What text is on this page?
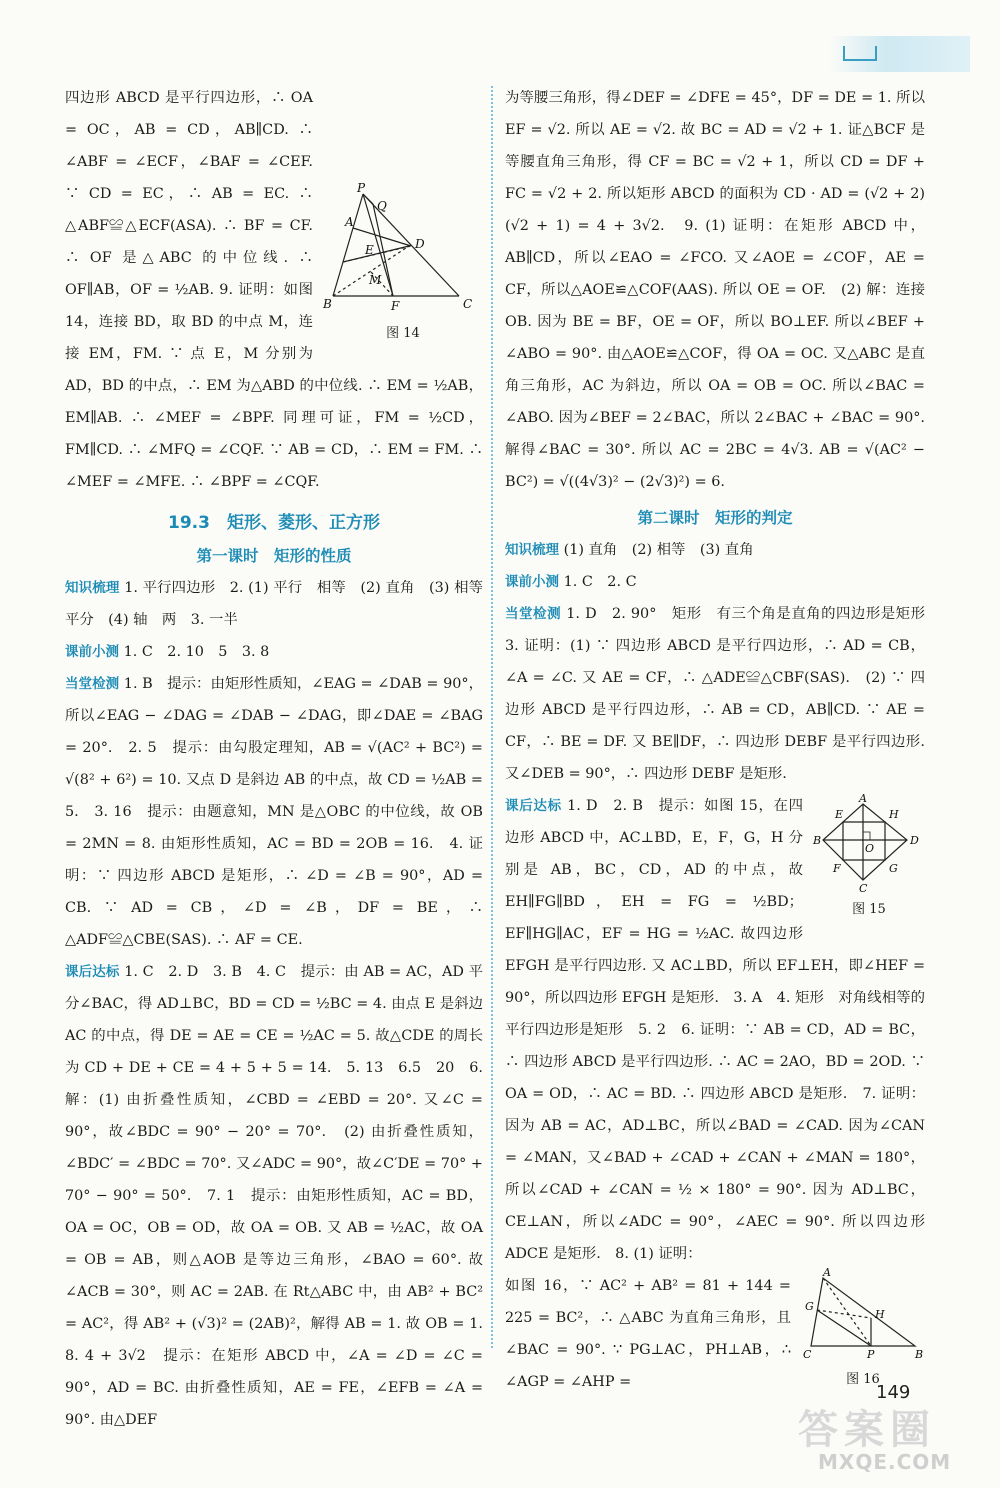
P
Q
A
D
E
M
B	F	C
图 14

四边形 ABCD 是平行四边形，∴ OA = OC，AB = CD，AB∥CD. ∴ ∠ABF = ∠ECF，∠BAF = ∠CEF. ∵ CD = EC，∴ AB = EC. ∴ △ABF≌△ECF(ASA). ∴ BF = CF. ∴ OF 是△ABC 的中位线. ∴ OF∥AB，OF = ½AB. 9. 证明：如图 14，连接 BD，取 BD 的中点 M，连接 EM，FM. ∵ 点 E，M 分别为 AD，BD 的中点，∴ EM 为△ABD 的中位线. ∴ EM = ½AB，EM∥AB. ∴ ∠MEF = ∠BPF. 同理可证，FM = ½CD，FM∥CD. ∴ ∠MFQ = ∠CQF. ∵ AB = CD，∴ EM = FM. ∴ ∠MEF = ∠MFE. ∴ ∠BPF = ∠CQF.

19.3　矩形、菱形、正方形

第一课时　矩形的性质

知识梳理 1. 平行四边形　2. (1) 平行　相等　(2) 直角　(3) 相等　平分　(4) 轴　两　3. 一半

课前小测 1. C　2. 10　5　3. 8

当堂检测 1. B　提示：由矩形性质知，∠EAG = ∠DAB = 90°，所以∠EAG − ∠DAG = ∠DAB − ∠DAG，即∠DAE = ∠BAG = 20°.　2. 5　提示：由勾股定理知，AB = √(AC² + BC²) = √(8² + 6²) = 10. 又点 D 是斜边 AB 的中点，故 CD = ½AB = 5.　3. 16　提示：由题意知，MN 是△OBC 的中位线，故 OB = 2MN = 8. 由矩形性质知，AC = BD = 2OB = 16.　4. 证明：∵ 四边形 ABCD 是矩形，∴ ∠D = ∠B = 90°，AD = CB. ∵ AD = CB，∠D = ∠B，DF = BE，∴ △ADF≌△CBE(SAS). ∴ AF = CE.

课后达标 1. C　2. D　3. B　4. C　提示：由 AB = AC，AD 平分∠BAC，得 AD⊥BC，BD = CD = ½BC = 4. 由点 E 是斜边 AC 的中点，得 DE = AE = CE = ½AC = 5. 故△CDE 的周长为 CD + DE + CE = 4 + 5 + 5 = 14.　5. 13　6.5　20　6. 解：(1) 由折叠性质知，∠CBD = ∠EBD = 20°. 又∠C = 90°，故∠BDC = 90° − 20° = 70°.　(2) 由折叠性质知，∠BDC′ = ∠BDC = 70°. 又∠ADC = 90°，故∠C′DE = 70° + 70° − 90° = 50°.　7. 1　提示：由矩形性质知，AC = BD，OA = OC，OB = OD，故 OA = OB. 又 AB = ½AC，故 OA = OB = AB，则△AOB 是等边三角形，∠BAO = 60°. 故∠ACB = 30°，则 AC = 2AB. 在 Rt△ABC 中，由 AB² + BC² = AC²，得 AB² + (√3)² = (2AB)²，解得 AB = 1. 故 OB = 1.　8. 4 + 3√2　提示：在矩形 ABCD 中，∠A = ∠D = ∠C = 90°，AD = BC. 由折叠性质知，AE = FE，∠EFB = ∠A = 90°. 由△DEF

为等腰三角形，得∠DEF = ∠DFE = 45°，DF = DE = 1. 所以 EF = √2. 所以 AE = √2. 故 BC = AD = √2 + 1. 证△BCF 是等腰直角三角形，得 CF = BC = √2 + 1，所以 CD = DF + FC = √2 + 2. 所以矩形 ABCD 的面积为 CD · AD = (√2 + 2)(√2 + 1) = 4 + 3√2.　9. (1) 证明：在矩形 ABCD 中，AB∥CD，所以∠EAO = ∠FCO. 又∠AOE = ∠COF，AE = CF，所以△AOE≌△COF(AAS). 所以 OE = OF.　(2) 解：连接 OB. 因为 BE = BF，OE = OF，所以 BO⊥EF. 所以∠BEF + ∠ABO = 90°. 由△AOE≌△COF，得 OA = OC. 又△ABC 是直角三角形，AC 为斜边，所以 OA = OB = OC. 所以∠BAC = ∠ABO. 因为∠BEF = 2∠BAC，所以 2∠BAC + ∠BAC = 90°. 解得∠BAC = 30°. 所以 AC = 2BC = 4√3. AB = √(AC² − BC²) = √((4√3)² − (2√3)²) = 6.

第二课时　矩形的判定

知识梳理 (1) 直角　(2) 相等　(3) 直角

课前小测 1. C　2. C

当堂检测 1. D　2. 90°　矩形　有三个角是直角的四边形是矩形　3. 证明：(1) ∵ 四边形 ABCD 是平行四边形，∴ AD = CB，∠A = ∠C. 又 AE = CF，∴ △ADE≌△CBF(SAS).　(2) ∵ 四边形 ABCD 是平行四边形，∴ AB = CD，AB∥CD. ∵ AE = CF，∴ BE = DF. 又 BE∥DF，∴ 四边形 DEBF 是平行四边形. 又∠DEB = 90°，∴ 四边形 DEBF 是矩形.

A
E	H
B
O
D
F	G
C
图 15

课后达标 1. D　2. B　提示：如图 15，在四边形 ABCD 中，AC⊥BD，E，F，G，H 分别是 AB，BC，CD，AD 的中点，故 EH∥FG∥BD，EH = FG = ½BD；EF∥HG∥AC，EF = HG = ½AC. 故四边形 EFGH 是平行四边形. 又 AC⊥BD，所以 EF⊥EH，即∠HEF = 90°，所以四边形 EFGH 是矩形.　3. A　4. 矩形　对角线相等的平行四边形是矩形　5. 2　6. 证明：∵ AB = CD，AD = BC，∴ 四边形 ABCD 是平行四边形. ∴ AC = 2AO，BD = 2OD. ∵ OA = OD，∴ AC = BD. ∴ 四边形 ABCD 是矩形.　7. 证明：因为 AB = AC，AD⊥BC，所以∠BAD = ∠CAD. 因为∠CAN = ∠MAN，又∠BAD + ∠CAD + ∠CAN + ∠MAN = 180°，所以∠CAD + ∠CAN = ½ × 180° = 90°. 因为 AD⊥BC，CE⊥AN，所以∠ADC = 90°，∠AEC = 90°. 所以四边形 ADCE 是矩形.　8. (1) 证明：

A
G
H
C	P	B
图 16

如图 16，∵ AC² + AB² = 81 + 144 = 225 = BC²，∴ △ABC 为直角三角形，且∠BAC = 90°. ∵ PG⊥AC，PH⊥AB，∴ ∠AGP = ∠AHP =	149
答案圈
MXQE.COM
